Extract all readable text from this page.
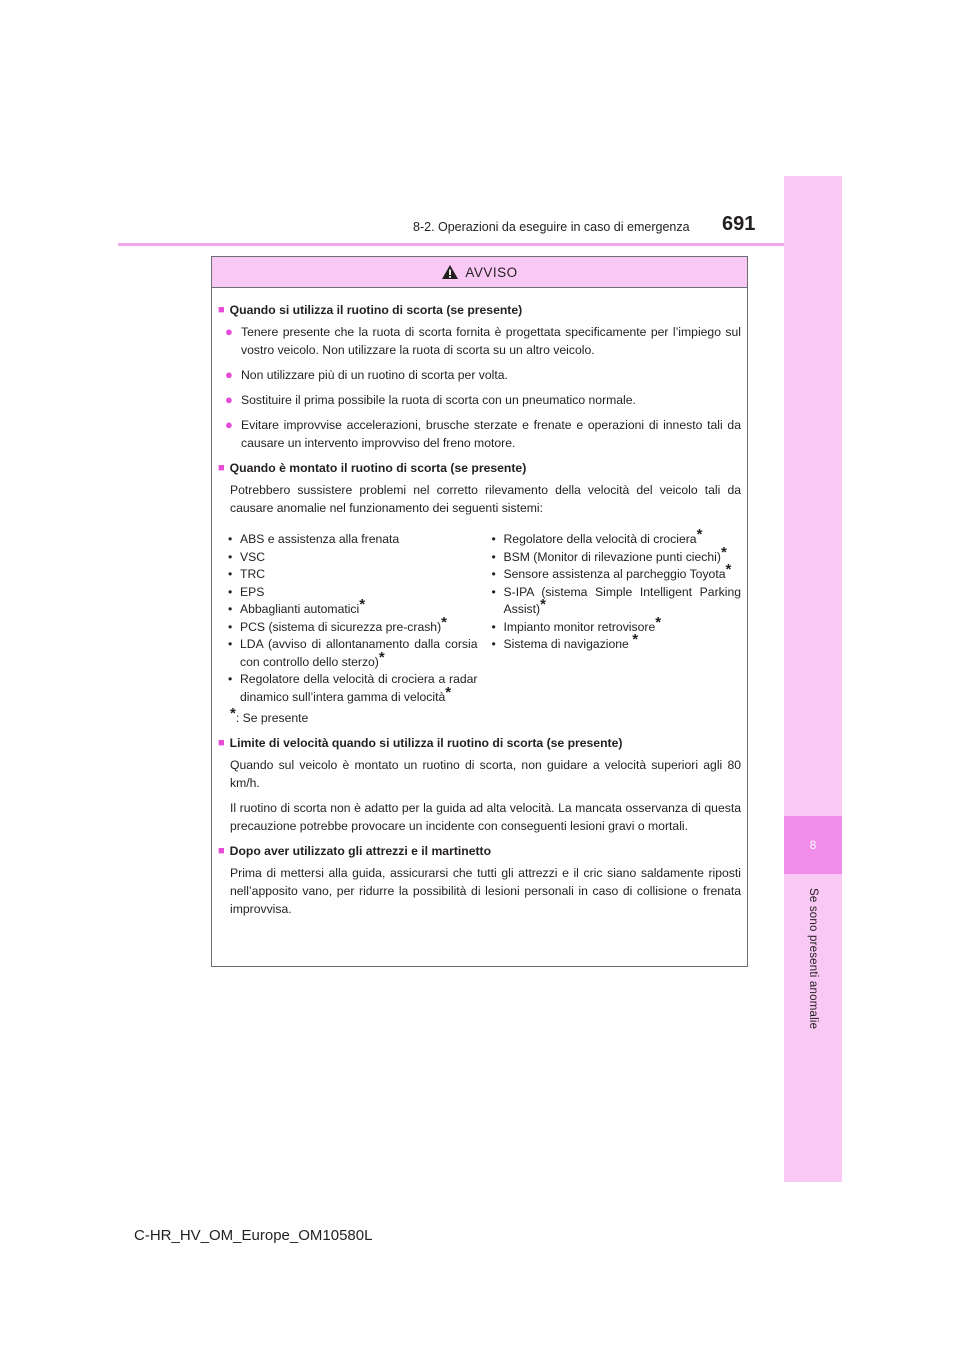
8
Se sono presenti anomalie
8-2. Operazioni da eseguire in caso di emergenza 691
AVVISO
■ Quando si utilizza il ruotino di scorta (se presente)
● Tenere presente che la ruota di scorta fornita è progettata specificamente per l’impiego sul vostro veicolo. Non utilizzare la ruota di scorta su un altro veicolo.
● Non utilizzare più di un ruotino di scorta per volta.
● Sostituire il prima possibile la ruota di scorta con un pneumatico normale.
● Evitare improvvise accelerazioni, brusche sterzate e frenate e operazioni di innesto tali da causare un intervento improvviso del freno motore.
■ Quando è montato il ruotino di scorta (se presente)
Potrebbero sussistere problemi nel corretto rilevamento della velocità del veicolo tali da causare anomalie nel funzionamento dei seguenti sistemi:
• ABS e assistenza alla frenata
• VSC
• TRC
• EPS
• Abbaglianti automatici*
• PCS (sistema di sicurezza pre-crash)*
• LDA (avviso di allontanamento dalla corsia con controllo dello sterzo)*
• Regolatore della velocità di crociera a radar dinamico sull’intera gamma di velocità*
• Regolatore della velocità di crociera*
• BSM (Monitor di rilevazione punti ciechi)*
• Sensore assistenza al parcheggio Toyota*
• S-IPA (sistema Simple Intelligent Parking Assist)*
• Impianto monitor retrovisore*
• Sistema di navigazione *
*: Se presente
■ Limite di velocità quando si utilizza il ruotino di scorta (se presente)
Quando sul veicolo è montato un ruotino di scorta, non guidare a velocità superiori agli 80 km/h.
Il ruotino di scorta non è adatto per la guida ad alta velocità. La mancata osservanza di questa precauzione potrebbe provocare un incidente con conseguenti lesioni gravi o mortali.
■ Dopo aver utilizzato gli attrezzi e il martinetto
Prima di mettersi alla guida, assicurarsi che tutti gli attrezzi e il cric siano saldamente riposti nell’apposito vano, per ridurre la possibilità di lesioni personali in caso di collisione o frenata improvvisa.
C-HR_HV_OM_Europe_OM10580L
